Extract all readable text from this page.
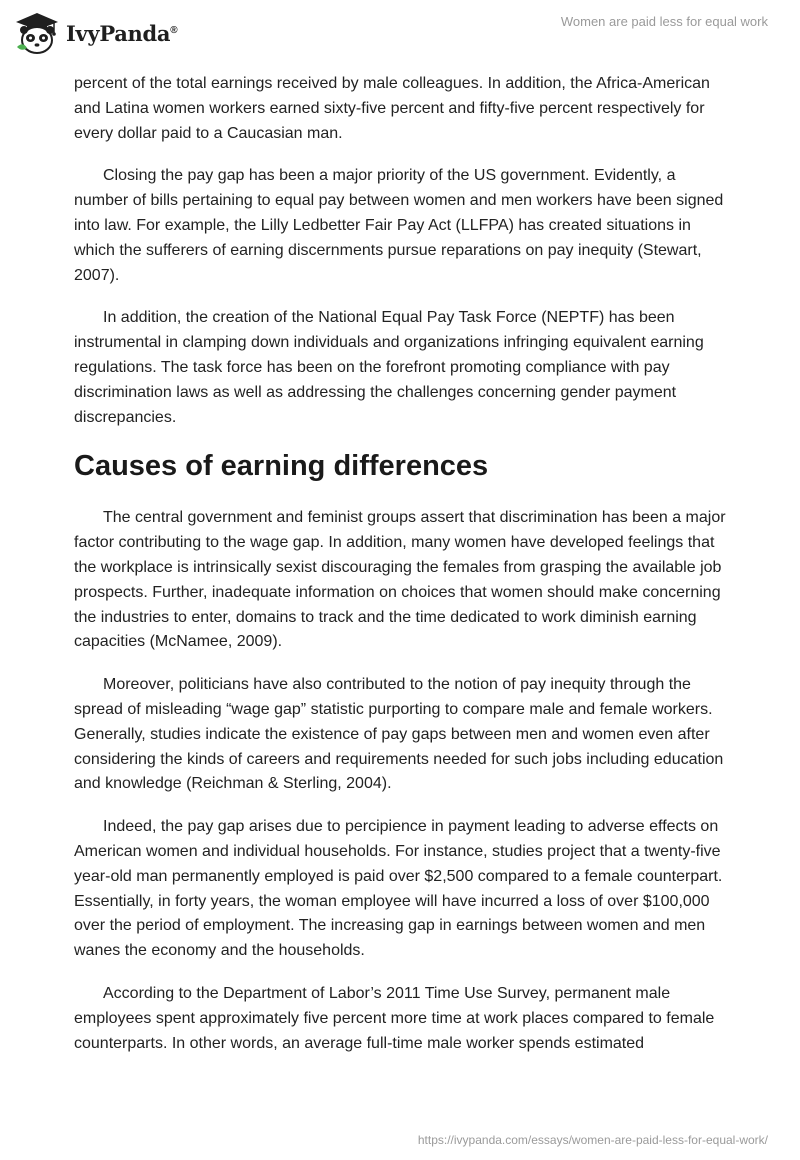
IvyPanda®
Women are paid less for equal work

percent of the total earnings received by male colleagues. In addition, the Africa-American and Latina women workers earned sixty-five percent and fifty-five percent respectively for every dollar paid to a Caucasian man.

Closing the pay gap has been a major priority of the US government. Evidently, a number of bills pertaining to equal pay between women and men workers have been signed into law. For example, the Lilly Ledbetter Fair Pay Act (LLFPA) has created situations in which the sufferers of earning discernments pursue reparations on pay inequity (Stewart, 2007).

In addition, the creation of the National Equal Pay Task Force (NEPTF) has been instrumental in clamping down individuals and organizations infringing equivalent earning regulations. The task force has been on the forefront promoting compliance with pay discrimination laws as well as addressing the challenges concerning gender payment discrepancies.

Causes of earning differences

The central government and feminist groups assert that discrimination has been a major factor contributing to the wage gap. In addition, many women have developed feelings that the workplace is intrinsically sexist discouraging the females from grasping the available job prospects. Further, inadequate information on choices that women should make concerning the industries to enter, domains to track and the time dedicated to work diminish earning capacities (McNamee, 2009).

Moreover, politicians have also contributed to the notion of pay inequity through the spread of misleading “wage gap” statistic purporting to compare male and female workers. Generally, studies indicate the existence of pay gaps between men and women even after considering the kinds of careers and requirements needed for such jobs including education and knowledge (Reichman & Sterling, 2004).

Indeed, the pay gap arises due to percipience in payment leading to adverse effects on American women and individual households. For instance, studies project that a twenty-five year-old man permanently employed is paid over $2,500 compared to a female counterpart. Essentially, in forty years, the woman employee will have incurred a loss of over $100,000 over the period of employment. The increasing gap in earnings between women and men wanes the economy and the households.

According to the Department of Labor’s 2011 Time Use Survey, permanent male employees spent approximately five percent more time at work places compared to female counterparts. In other words, an average full-time male worker spends estimated

https://ivypanda.com/essays/women-are-paid-less-for-equal-work/
